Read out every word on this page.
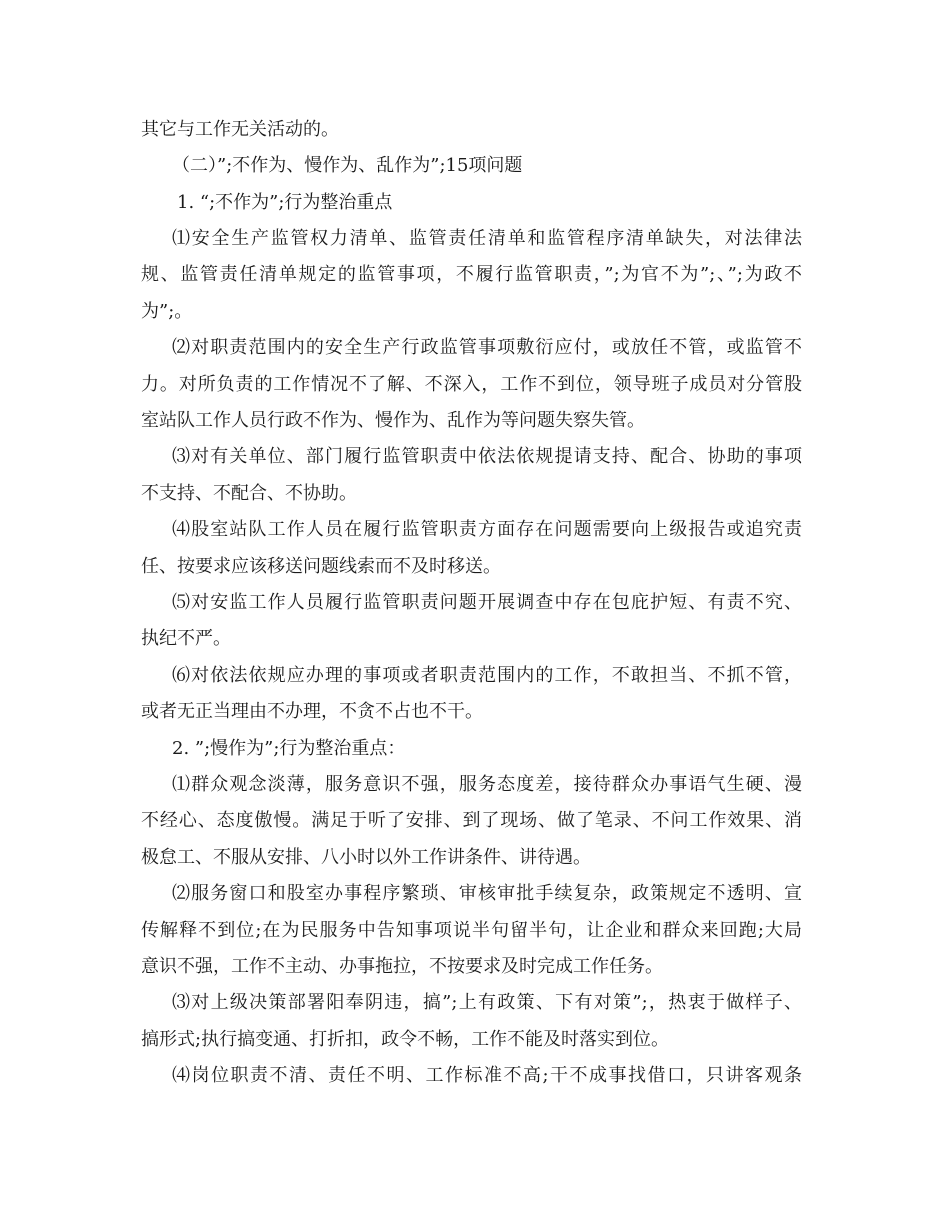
其它与工作无关活动的。
（二）”;不作为、慢作为、乱作为”;15项问题
1. “;不作为”;行为整治重点
⑴安全生产监管权力清单、监管责任清单和监管程序清单缺失，对法律法
规、监管责任清单规定的监管事项，不履行监管职责，”;为官不为”;、”;为政不
为”;。
⑵对职责范围内的安全生产行政监管事项敷衍应付，或放任不管，或监管不
力。对所负责的工作情况不了解、不深入，工作不到位，领导班子成员对分管股
室站队工作人员行政不作为、慢作为、乱作为等问题失察失管。
⑶对有关单位、部门履行监管职责中依法依规提请支持、配合、协助的事项
不支持、不配合、不协助。
⑷股室站队工作人员在履行监管职责方面存在问题需要向上级报告或追究责
任、按要求应该移送问题线索而不及时移送。
⑸对安监工作人员履行监管职责问题开展调查中存在包庇护短、有责不究、
执纪不严。
⑹对依法依规应办理的事项或者职责范围内的工作，不敢担当、不抓不管，
或者无正当理由不办理，不贪不占也不干。
2. ”;慢作为”;行为整治重点：
⑴群众观念淡薄，服务意识不强，服务态度差，接待群众办事语气生硬、漫
不经心、态度傲慢。满足于听了安排、到了现场、做了笔录、不问工作效果、消
极怠工、不服从安排、八小时以外工作讲条件、讲待遇。
⑵服务窗口和股室办事程序繁琐、审核审批手续复杂，政策规定不透明、宣
传解释不到位;在为民服务中告知事项说半句留半句，让企业和群众来回跑;大局
意识不强，工作不主动、办事拖拉，不按要求及时完成工作任务。
⑶对上级决策部署阳奉阴违，搞”;上有政策、下有对策”;，热衷于做样子、
搞形式;执行搞变通、打折扣，政令不畅，工作不能及时落实到位。
⑷岗位职责不清、责任不明、工作标准不高;干不成事找借口，只讲客观条
